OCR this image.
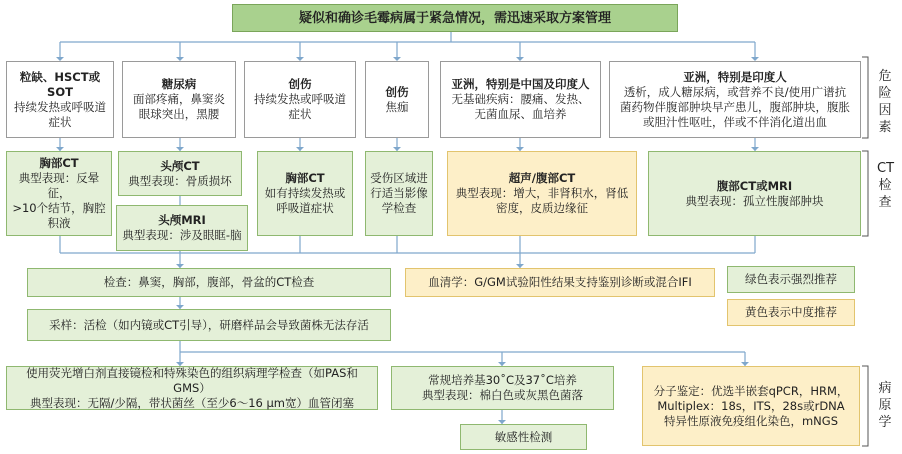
疑似和确诊毛霉病属于紧急情况，需迅速采取方案管理
粒缺、HSCT或SOT
持续发热或呼吸道
症状
糖尿病
面部疼痛，鼻窦炎
眼球突出，黑腰
创伤
持续发热或呼吸道
症状
创伤
焦痂
亚洲，特别是中国及印度人
无基础疾病：腰痛、发热、
无菌血尿、血培养
亚洲，特别是印度人
透析，成人糖尿病，或营养不良/使用广谱抗
菌药物伴腹部肿块早产患儿，腹部肿块，腹胀
或胆汁性呕吐，伴或不伴消化道出血
胸部CT
典型表现：反晕征，
>10个结节，胸腔
积液
头颅CT
典型表现：骨质损坏
头颅MRI
典型表现：涉及眼眶-脑
胸部CT
如有持续发热或
呼吸道症状
受伤区域进
行适当影像
学检查
超声/腹部CT
典型表现：增大，非肾积水，肾低
密度，皮质边缘征
腹部CT或MRI
典型表现：孤立性腹部肿块
检查：鼻窦，胸部，腹部，骨盆的CT检查	血清学：G/GM试验阳性结果支持鉴别诊断或混合IFI	绿色表示强烈推荐
黄色表示中度推荐
采样：活检（如内镜或CT引导），研磨样品会导致菌株无法存活
使用荧光增白剂直接镜检和特殊染色的组织病理学检查（如PAS和GMS）
典型表现：无隔/少隔，带状菌丝（至少6～16 μm宽）血管闭塞
常规培养基30˚C及37˚C培养
典型表现：棉白色或灰黑色菌落
敏感性检测
分子鉴定：优选半嵌套qPCR，HRM，
Multiplex：18s，ITS，28s或rDNA
特异性原液免疫组化染色，mNGS
危险因素
CT检查
病原学
